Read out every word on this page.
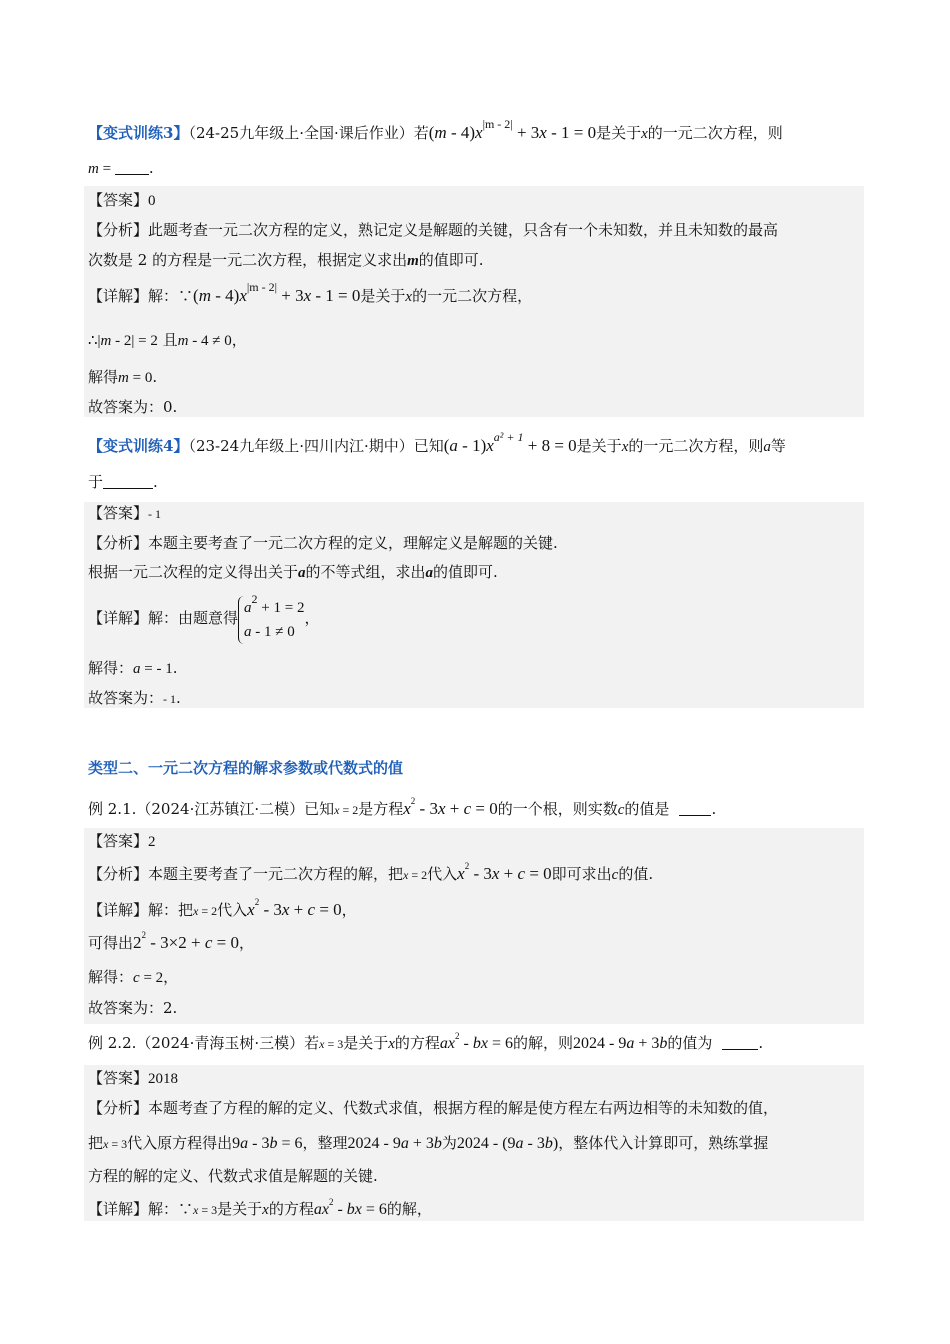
【变式训练3】（24-25九年级上·全国·课后作业）若$(m - 4)x^{|m - 2|} + 3x - 1 = 0$是关于x的一元二次方程，则
m = .
【答案】0
【分析】此题考查一元二次方程的定义，熟记定义是解题的关键，只含有一个未知数，并且未知数的最高
次数是 2 的方程是一元二次方程，根据定义求出m的值即可.
【详解】解：∵(m - $4)x^{|m - 2|} + 3x - 1 = 0$是关于x的一元二次方程，
∴|m - 2| = 2 且m - 4 ≠ 0，
解得m = 0.
故答案为：0.
【变式训练4】（23-24九年级上·四川内江·期中）已知$(a - 1)x^{a^2 + 1} + 8 = 0$是关于x的一元二次方程，则a等
于	.
【答案】- 1
【分析】本题主要考查了一元二次方程的定义，理解定义是解题的关键.
根据一元二次程的定义得出关于a的不等式组，求出a的值即可.
【详解】解：由题意得$a^2 + 1 = 2$
a - 1 ≠ 0，
解得：a = - 1.
故答案为：- 1.
类型二、一元二次方程的解求参数或代数式的值
例 2.1.（2024·江苏镇江·二模）已知x = 2是方程$x^2 - 3x + c = 0$的一个根，则实数c的值是	.
【答案】2
【分析】本题主要考查了一元二次方程的解，把x = 2代入$x^2 - 3x + c = 0$即可求出c的值.
【详解】解：把x = 2代入$x^2 - 3x + c = 0$，
可得出$2^2 - 3\times 2 + c = 0$，
解得：c = 2，
故答案为：2.
例 2.2.（2024·青海玉树·三模）若x = 3是关于x的方程$ax^2$ - bx = 6的解，则2024 - 9a + 3b的值为	.
【答案】2018
【分析】本题考查了方程的解的定义、代数式求值，根据方程的解是使方程左右两边相等的未知数的值，
把x = 3代入原方程得出9a - 3b = 6，整理2024 - 9a + 3b为2024 - (9a - 3b)，整体代入计算即可，熟练掌握
方程的解的定义、代数式求值是解题的关键.
【详解】解：∵x = 3是关于x的方程$ax^2$ - bx = 6的解，
